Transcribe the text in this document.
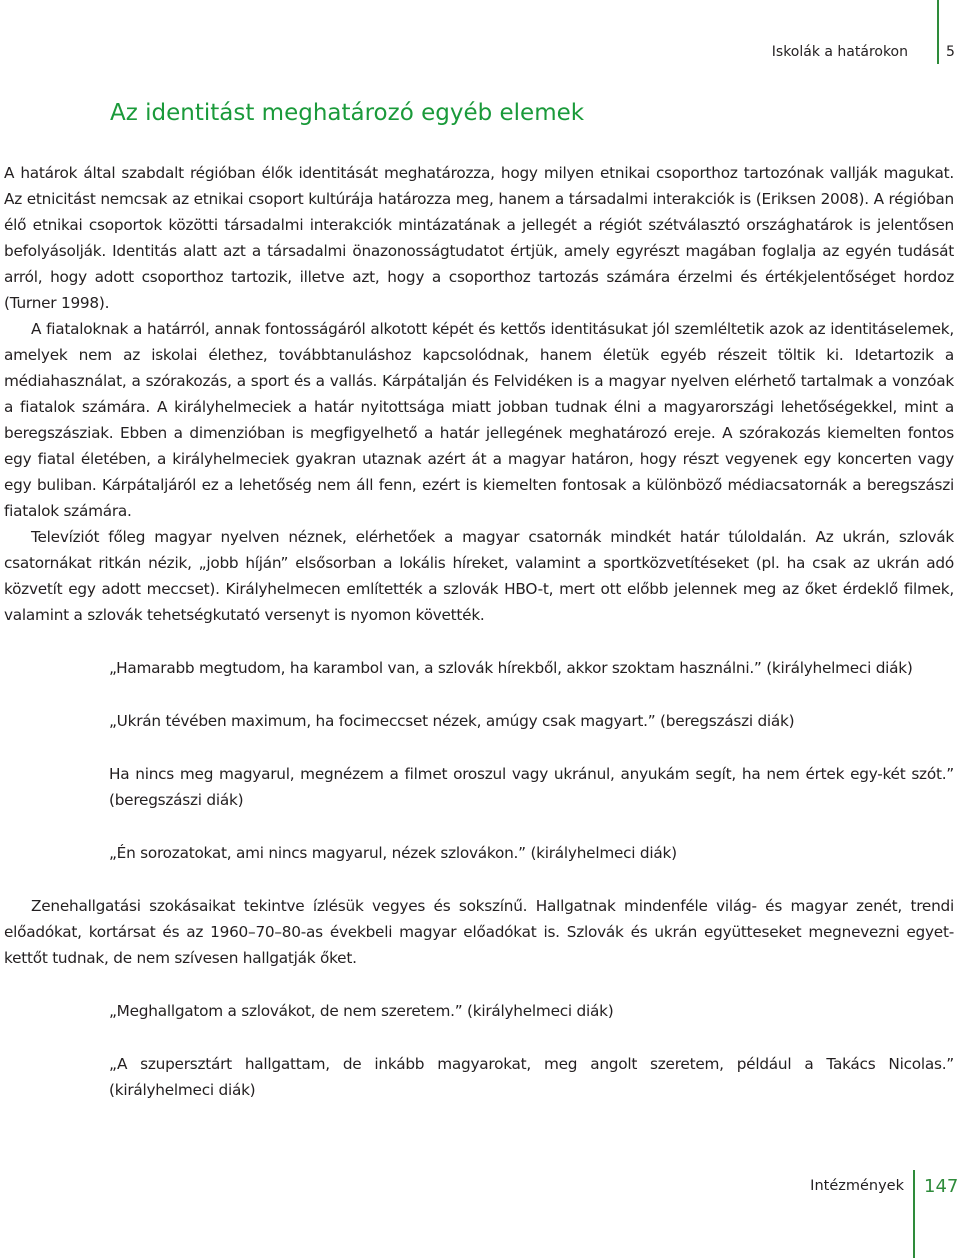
Iskolák a határokon	5
Az identitást meghatározó egyéb elemek

A határok által szabdalt régióban élők identitását meghatározza, hogy milyen etnikai csoporthoz tartozónak vallják magukat. Az etnicitást nemcsak az etnikai csoport kultúrája határozza meg, hanem a társadalmi interakciók is (Eriksen 2008). A régióban élő etnikai csoportok közötti társadalmi interakciók mintázatának a jellegét a régiót szétválasztó országhatárok is jelentősen befolyásolják. Identitás alatt azt a társadalmi önazonosságtudatot értjük, amely egyrészt magában foglalja az egyén tudását arról, hogy adott csoporthoz tartozik, illetve azt, hogy a csoporthoz tartozás számára érzelmi és értékjelentőséget hordoz (Turner 1998).

A fiataloknak a határról, annak fontosságáról alkotott képét és kettős identitásukat jól szemléltetik azok az identitáselemek, amelyek nem az iskolai élethez, továbbtanuláshoz kapcsolódnak, hanem életük egyéb részeit töltik ki. Idetartozik a médiahasználat, a szórakozás, a sport és a vallás. Kárpátalján és Felvidéken is a magyar nyelven elérhető tartalmak a vonzóak a fiatalok számára. A királyhelmeciek a határ nyitottsága miatt jobban tudnak élni a magyarországi lehetőségekkel, mint a beregszásziak. Ebben a dimenzióban is megfigyelhető a határ jellegének meghatározó ereje. A szórakozás kiemelten fontos egy fiatal életében, a királyhelmeciek gyakran utaznak azért át a magyar határon, hogy részt vegyenek egy koncerten vagy egy buliban. Kárpátaljáról ez a lehetőség nem áll fenn, ezért is kiemelten fontosak a különböző médiacsatornák a beregszászi fiatalok számára.

Televíziót főleg magyar nyelven néznek, elérhetőek a magyar csatornák mindkét határ túloldalán. Az ukrán, szlovák csatornákat ritkán nézik, „jobb híján” elsősorban a lokális híreket, valamint a sportközvetítéseket (pl. ha csak az ukrán adó közvetít egy adott meccset). Királyhelmecen említették a szlovák HBO-t, mert ott előbb jelennek meg az őket érdeklő filmek, valamint a szlovák tehetségkutató versenyt is nyomon követték.

„Hamarabb megtudom, ha karambol van, a szlovák hírekből, akkor szoktam használni.” (királyhelmeci diák)

„Ukrán tévében maximum, ha focimeccset nézek, amúgy csak magyart.” (beregszászi diák)

Ha nincs meg magyarul, megnézem a filmet oroszul vagy ukránul, anyukám segít, ha nem értek egy-két szót.” (beregszászi diák)

„Én sorozatokat, ami nincs magyarul, nézek szlovákon.” (királyhelmeci diák)

Zenehallgatási szokásaikat tekintve ízlésük vegyes és sokszínű. Hallgatnak mindenféle világ- és magyar zenét, trendi előadókat, kortársat és az 1960–70–80-as évekbeli magyar előadókat is. Szlovák és ukrán együtteseket megnevezni egyet-kettőt tudnak, de nem szívesen hallgatják őket.

„Meghallgatom a szlovákot, de nem szeretem.” (királyhelmeci diák)

„A szupersztárt hallgattam, de inkább magyarokat, meg angolt szeretem, például a Takács Nicolas.” (királyhelmeci diák)

Intézmények 147
